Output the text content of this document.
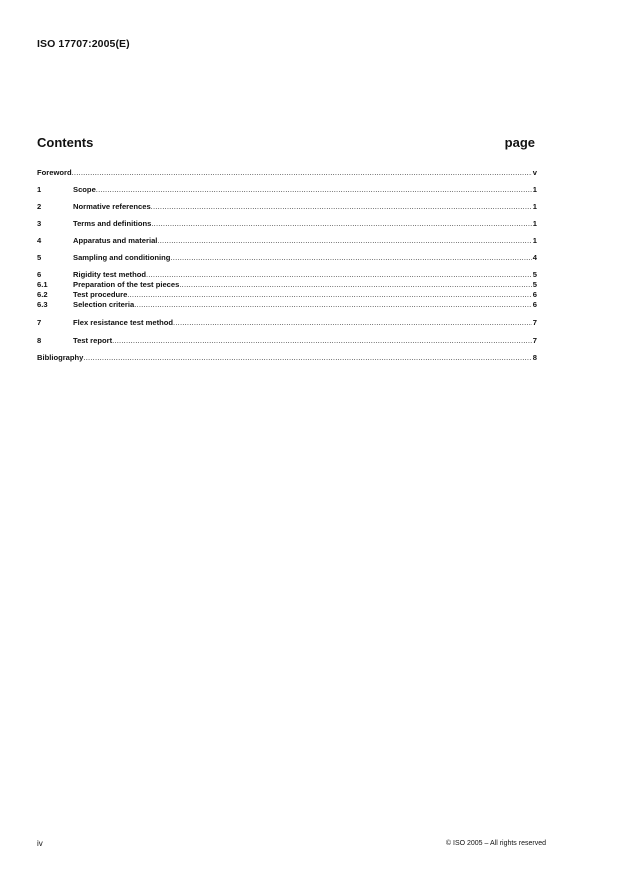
ISO 17707:2005(E)
Contents	page
Foreword .....	v
1	Scope .....	1
2	Normative references .....	1
3	Terms and definitions .....	1
4	Apparatus and material .....	1
5	Sampling and conditioning .....	4
6	Rigidity test method .....	5
6.1	Preparation of the test pieces .....	5
6.2	Test procedure .....	6
6.3	Selection criteria .....	6
7	Flex resistance test method .....	7
8	Test report .....	7
Bibliography .....	8
iv	© ISO 2005 – All rights reserved
